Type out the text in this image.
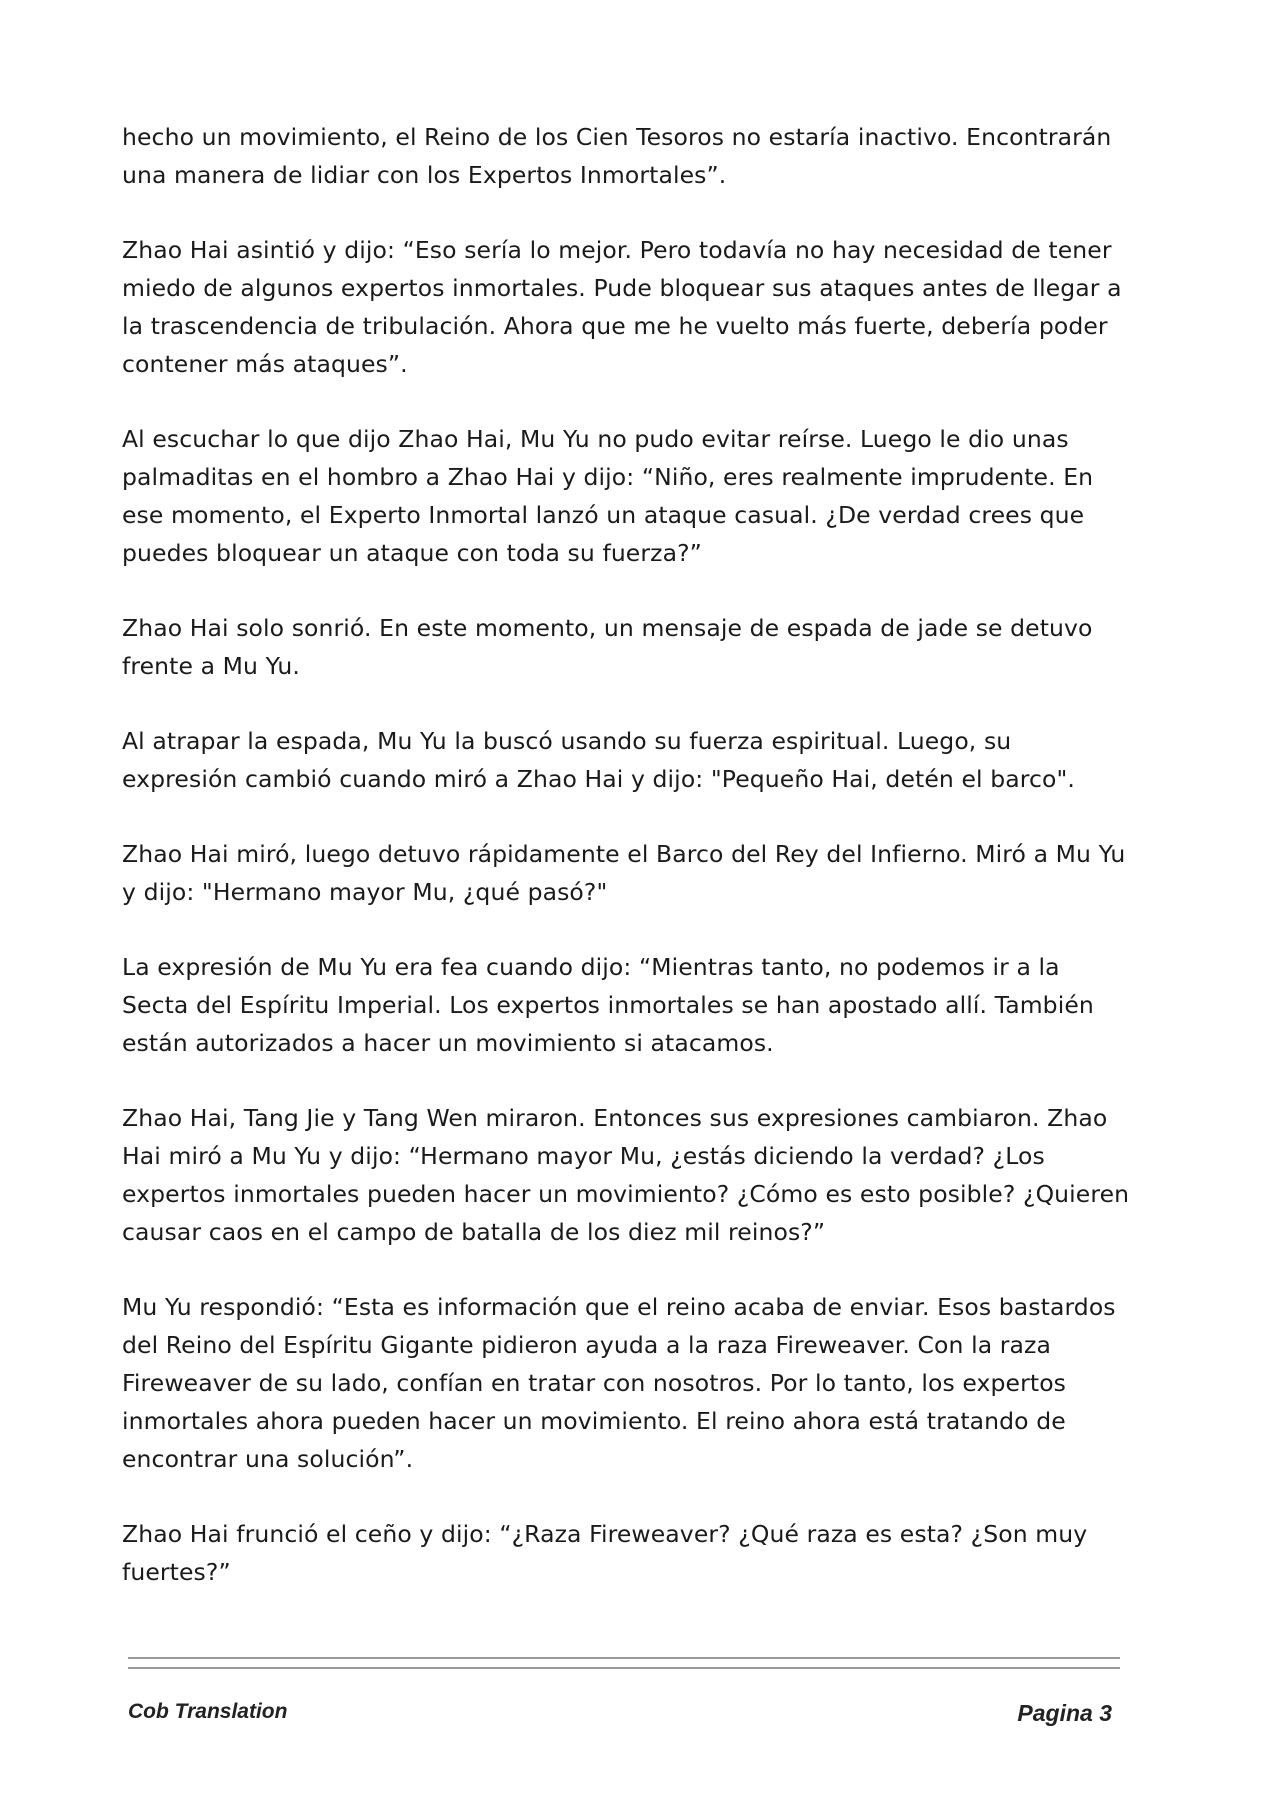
hecho un movimiento, el Reino de los Cien Tesoros no estaría inactivo. Encontrarán una manera de lidiar con los Expertos Inmortales”.

Zhao Hai asintió y dijo: “Eso sería lo mejor. Pero todavía no hay necesidad de tener miedo de algunos expertos inmortales. Pude bloquear sus ataques antes de llegar a la trascendencia de tribulación. Ahora que me he vuelto más fuerte, debería poder contener más ataques”.

Al escuchar lo que dijo Zhao Hai, Mu Yu no pudo evitar reírse. Luego le dio unas palmaditas en el hombro a Zhao Hai y dijo: “Niño, eres realmente imprudente. En ese momento, el Experto Inmortal lanzó un ataque casual. ¿De verdad crees que puedes bloquear un ataque con toda su fuerza?”

Zhao Hai solo sonrió. En este momento, un mensaje de espada de jade se detuvo frente a Mu Yu.

Al atrapar la espada, Mu Yu la buscó usando su fuerza espiritual. Luego, su expresión cambió cuando miró a Zhao Hai y dijo: "Pequeño Hai, detén el barco".

Zhao Hai miró, luego detuvo rápidamente el Barco del Rey del Infierno. Miró a Mu Yu y dijo: "Hermano mayor Mu, ¿qué pasó?"

La expresión de Mu Yu era fea cuando dijo: “Mientras tanto, no podemos ir a la Secta del Espíritu Imperial. Los expertos inmortales se han apostado allí. También están autorizados a hacer un movimiento si atacamos.

Zhao Hai, Tang Jie y Tang Wen miraron. Entonces sus expresiones cambiaron. Zhao Hai miró a Mu Yu y dijo: “Hermano mayor Mu, ¿estás diciendo la verdad? ¿Los expertos inmortales pueden hacer un movimiento? ¿Cómo es esto posible? ¿Quieren causar caos en el campo de batalla de los diez mil reinos?”

Mu Yu respondió: “Esta es información que el reino acaba de enviar. Esos bastardos del Reino del Espíritu Gigante pidieron ayuda a la raza Fireweaver. Con la raza Fireweaver de su lado, confían en tratar con nosotros. Por lo tanto, los expertos inmortales ahora pueden hacer un movimiento. El reino ahora está tratando de encontrar una solución”.

Zhao Hai frunció el ceño y dijo: “¿Raza Fireweaver? ¿Qué raza es esta? ¿Son muy fuertes?”

Cob Translation	Pagina 3
